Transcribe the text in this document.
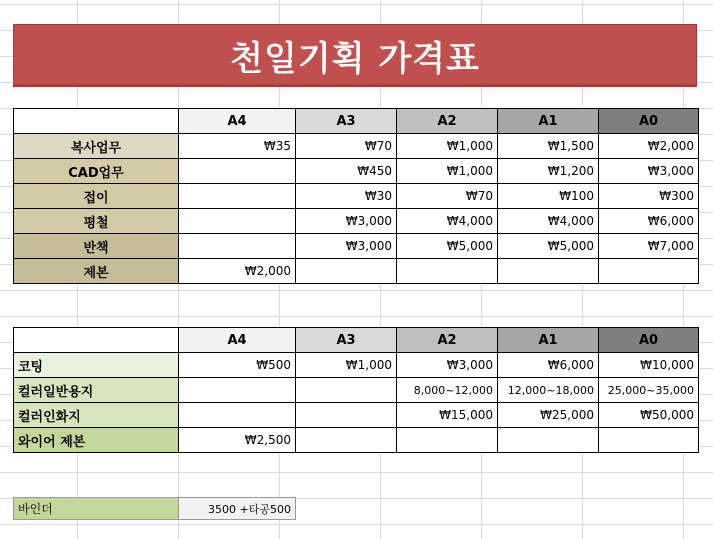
천일기획 가격표
	A4	A3	A2	A1	A0
복사업무	₩35	₩70	₩1,000	₩1,500	₩2,000
CAD업무		₩450	₩1,000	₩1,200	₩3,000
접이		₩30	₩70	₩100	₩300
평철		₩3,000	₩4,000	₩4,000	₩6,000
반책		₩3,000	₩5,000	₩5,000	₩7,000
제본	₩2,000				
	A4	A3	A2	A1	A0
코팅	₩500	₩1,000	₩3,000	₩6,000	₩10,000
컬러일반용지			8,000~12,000	12,000~18,000	25,000~35,000
컬러인화지			₩15,000	₩25,000	₩50,000
와이어 제본	₩2,500				
바인더	3500 +타공500
